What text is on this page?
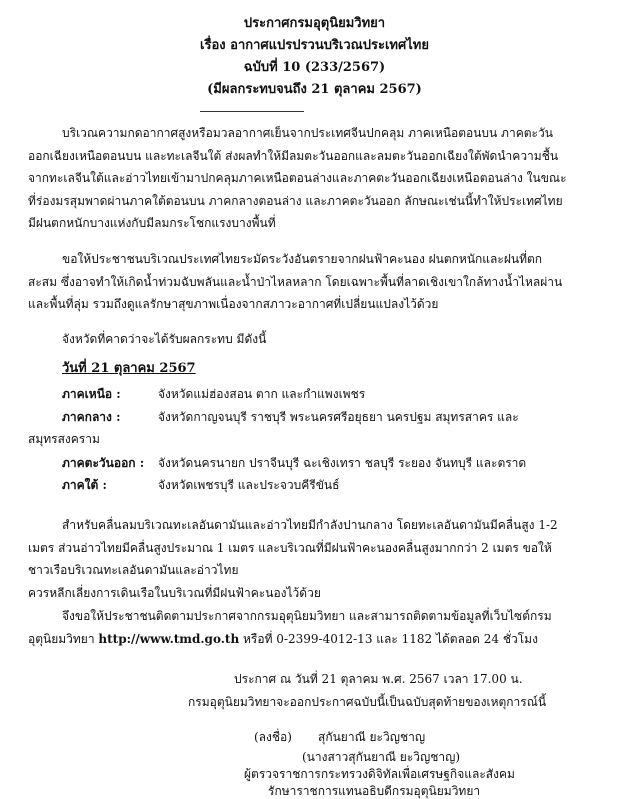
ประกาศกรมอุตุนิยมวิทยา
เรื่อง อากาศแปรปรวนบริเวณประเทศไทย
ฉบับที่ 10 (233/2567)
(มีผลกระทบจนถึง 21 ตุลาคม 2567)
บริเวณความกดอากาศสูงหรือมวลอากาศเย็นจากประเทศจีนปกคลุม ภาคเหนือตอนบน ภาคตะวัน
ออกเฉียงเหนือตอนบน และทะเลจีนใต้ ส่งผลทำให้มีลมตะวันออกและลมตะวันออกเฉียงใต้พัดนำความชื้น
จากทะเลจีนใต้และอ่าวไทยเข้ามาปกคลุมภาคเหนือตอนล่างและภาคตะวันออกเฉียงเหนือตอนล่าง ในขณะ
ที่ร่องมรสุมพาดผ่านภาคใต้ตอนบน ภาคกลางตอนล่าง และภาคตะวันออก ลักษณะเช่นนี้ทำให้ประเทศไทย
มีฝนตกหนักบางแห่งกับมีลมกระโชกแรงบางพื้นที่
ขอให้ประชาชนบริเวณประเทศไทยระมัดระวังอันตรายจากฝนฟ้าคะนอง ฝนตกหนักและฝนที่ตก
สะสม ซึ่งอาจทำให้เกิดน้ำท่วมฉับพลันและน้ำป่าไหลหลาก โดยเฉพาะพื้นที่ลาดเชิงเขาใกล้ทางน้ำไหลผ่าน
และพื้นที่ลุ่ม รวมถึงดูแลรักษาสุขภาพเนื่องจากสภาวะอากาศที่เปลี่ยนแปลงไว้ด้วย
จังหวัดที่คาดว่าจะได้รับผลกระทบ มีดังนี้
วันที่ 21 ตุลาคม 2567
ภาคเหนือ :	จังหวัดแม่ฮ่องสอน ตาก และกำแพงเพชร
ภาคกลาง :	จังหวัดกาญจนบุรี ราชบุรี พระนครศรีอยุธยา นครปฐม สมุทรสาคร และ
สมุทรสงคราม
ภาคตะวันออก : จังหวัดนครนายก ปราจีนบุรี ฉะเชิงเทรา ชลบุรี ระยอง จันทบุรี และตราด
ภาคใต้ :	จังหวัดเพชรบุรี และประจวบคีรีขันธ์
สำหรับคลื่นลมบริเวณทะเลอันดามันและอ่าวไทยมีกำลังปานกลาง โดยทะเลอันดามันมีคลื่นสูง 1-2
เมตร ส่วนอ่าวไทยมีคลื่นสูงประมาณ 1 เมตร และบริเวณที่มีฝนฟ้าคะนองคลื่นสูงมากกว่า 2 เมตร ขอให้
ชาวเรือบริเวณทะเลอันดามันและอ่าวไทย
ควรหลีกเลี่ยงการเดินเรือในบริเวณที่มีฝนฟ้าคะนองไว้ด้วย
จึงขอให้ประชาชนติดตามประกาศจากกรมอุตุนิยมวิทยา และสามารถติดตามข้อมูลที่เว็บไซต์กรม
อุตุนิยมวิทยา http://www.tmd.go.th หรือที่ 0-2399-4012-13 และ 1182 ได้ตลอด 24 ชั่วโมง
ประกาศ ณ วันที่ 21 ตุลาคม พ.ศ. 2567 เวลา 17.00 น.
กรมอุตุนิยมวิทยาจะออกประกาศฉบับนี้เป็นฉบับสุดท้ายของเหตุการณ์นี้
(ลงชื่อ) สุกันยาณี ยะวิญชาญ
(นางสาวสุกันยาณี ยะวิญชาญ)
ผู้ตรวจราชการกระทรวงดิจิทัลเพื่อเศรษฐกิจและสังคม
รักษาราชการแทนอธิบดีกรมอุตุนิยมวิทยา
